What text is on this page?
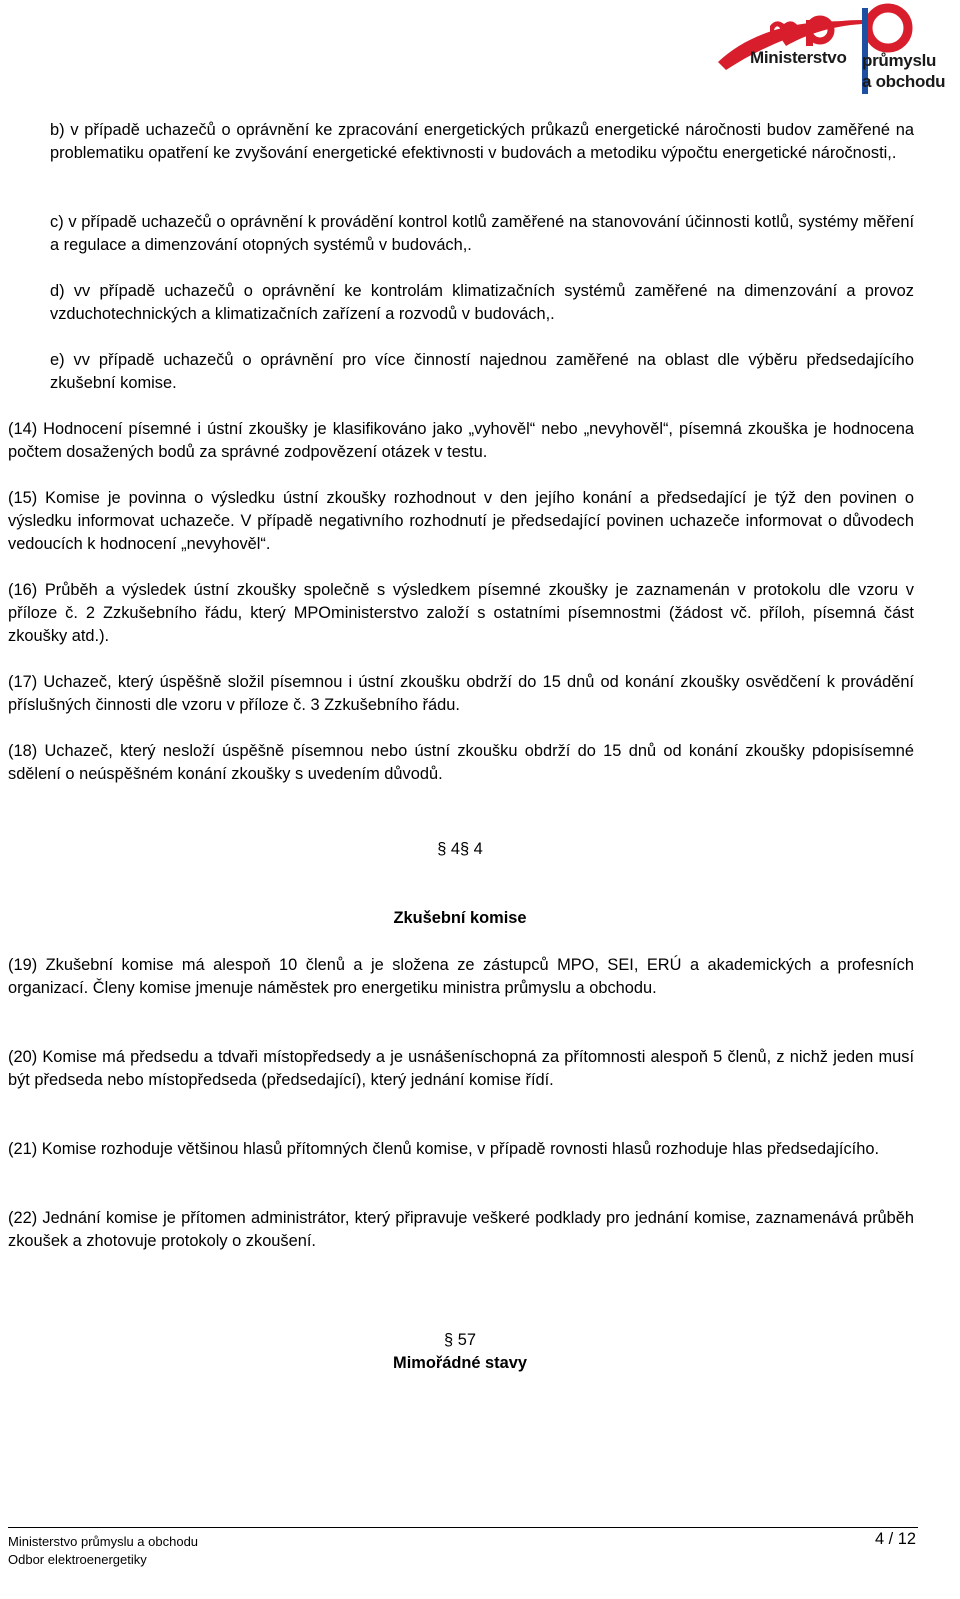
Ministerstvo průmyslu
a obchodu

b) v případě uchazečů o oprávnění ke zpracování energetických průkazů energetické náročnosti budov zaměřené na problematiku opatření ke zvyšování energetické efektivnosti v budovách a metodiku výpočtu energetické náročnosti,.

c) v případě uchazečů o oprávnění k provádění kontrol kotlů zaměřené na stanovování účinnosti kotlů, systémy měření a regulace a dimenzování otopných systémů v budovách,.

d) vv případě uchazečů o oprávnění ke kontrolám klimatizačních systémů zaměřené na dimenzování a provoz vzduchotechnických a klimatizačních zařízení a rozvodů v budovách,.

e) vv případě uchazečů o oprávnění pro více činností najednou zaměřené na oblast dle výběru předsedajícího zkušební komise.

(14) Hodnocení písemné i ústní zkoušky je klasifikováno jako „vyhověl“ nebo „nevyhověl“, písemná zkouška je hodnocena počtem dosažených bodů za správné zodpovězení otázek v testu.

(15) Komise je povinna o výsledku ústní zkoušky rozhodnout v den jejího konání a předsedající je týž den povinen o výsledku informovat uchazeče. V případě negativního rozhodnutí je předsedající povinen uchazeče informovat o důvodech vedoucích k hodnocení „nevyhověl“.

(16) Průběh a výsledek ústní zkoušky společně s výsledkem písemné zkoušky je zaznamenán v protokolu dle vzoru v příloze č. 2 Zzkušebního řádu, který MPOministerstvo založí s ostatními písemnostmi (žádost vč. příloh, písemná část zkoušky atd.).

(17) Uchazeč, který úspěšně složil písemnou i ústní zkoušku obdrží do 15 dnů od konání zkoušky osvědčení k provádění příslušných činnosti dle vzoru v příloze č. 3 Zzkušebního řádu.

(18) Uchazeč, který nesloží úspěšně písemnou nebo ústní zkoušku obdrží do 15 dnů od konání zkoušky pdopisísemné sdělení o neúspěšném konání zkoušky s uvedením důvodů.

§ 4§ 4
Zkušební komise

(19) Zkušební komise má alespoň 10 členů a je složena ze zástupců MPO, SEI, ERÚ a akademických a profesních organizací. Členy komise jmenuje náměstek pro energetiku ministra průmyslu a obchodu.

(20) Komise má předsedu a tdvaři místopředsedy a je usnášeníschopná za přítomnosti alespoň 5 členů, z nichž jeden musí být předseda nebo místopředseda (předsedající), který jednání komise řídí.

(21) Komise rozhoduje většinou hlasů přítomných členů komise, v případě rovnosti hlasů rozhoduje hlas předsedajícího.

(22) Jednání komise je přítomen administrátor, který připravuje veškeré podklady pro jednání komise, zaznamenává průběh zkoušek a zhotovuje protokoly o zkoušení.

§ 57
Mimořádné stavy
Ministerstvo průmyslu a obchodu
Odbor elektroenergetiky
4 / 12
